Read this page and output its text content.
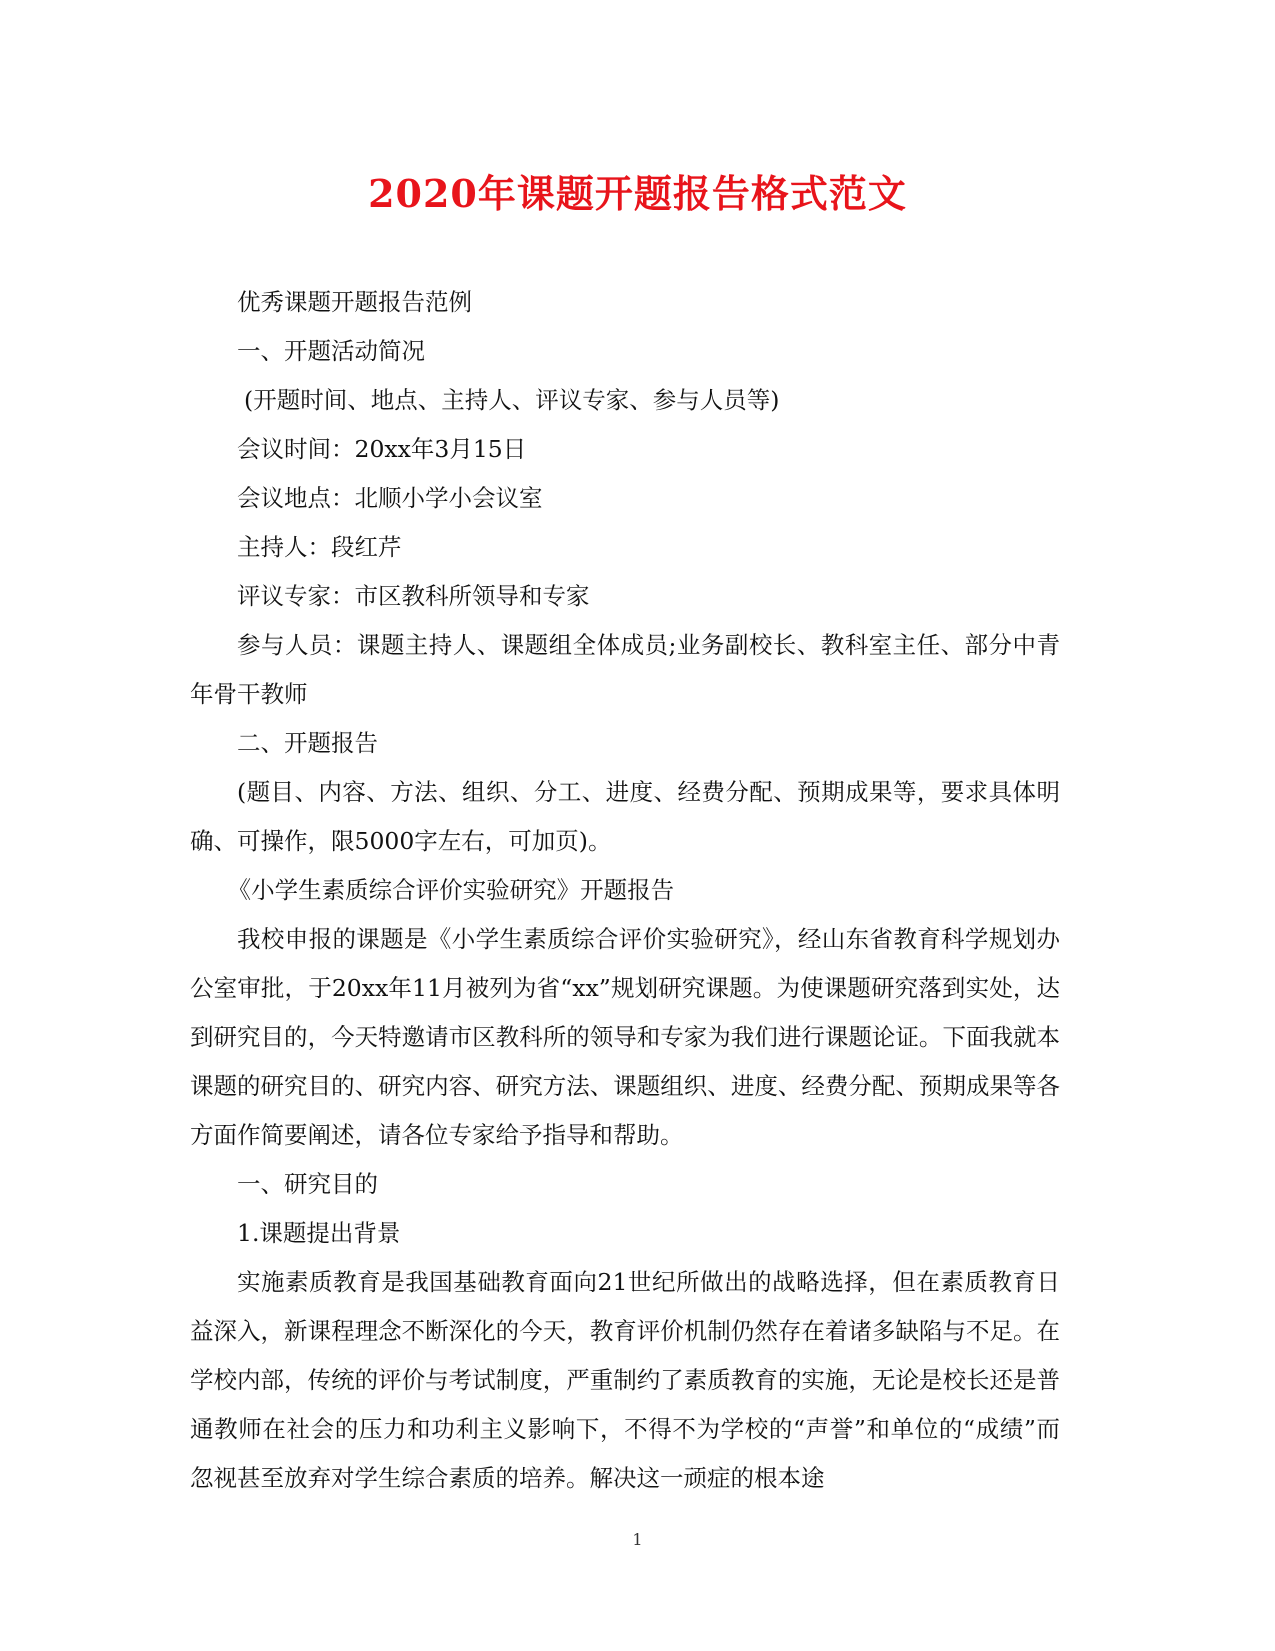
2020年课题开题报告格式范文

优秀课题开题报告范例

一、开题活动简况

(开题时间、地点、主持人、评议专家、参与人员等)

会议时间：20xx年3月15日

会议地点：北顺小学小会议室

主持人：段红芹

评议专家：市区教科所领导和专家

参与人员：课题主持人、课题组全体成员;业务副校长、教科室主任、部分中青年骨干教师

二、开题报告

(题目、内容、方法、组织、分工、进度、经费分配、预期成果等，要求具体明确、可操作，限5000字左右，可加页)。

《小学生素质综合评价实验研究》开题报告

我校申报的课题是《小学生素质综合评价实验研究》，经山东省教育科学规划办公室审批，于20xx年11月被列为省“xx”规划研究课题。为使课题研究落到实处，达到研究目的，今天特邀请市区教科所的领导和专家为我们进行课题论证。下面我就本课题的研究目的、研究内容、研究方法、课题组织、进度、经费分配、预期成果等各方面作简要阐述，请各位专家给予指导和帮助。

一、研究目的

1.课题提出背景

实施素质教育是我国基础教育面向21世纪所做出的战略选择，但在素质教育日益深入，新课程理念不断深化的今天，教育评价机制仍然存在着诸多缺陷与不足。在学校内部，传统的评价与考试制度，严重制约了素质教育的实施，无论是校长还是普通教师在社会的压力和功利主义影响下，不得不为学校的“声誉”和单位的“成绩”而忽视甚至放弃对学生综合素质的培养。解决这一顽症的根本途

1
